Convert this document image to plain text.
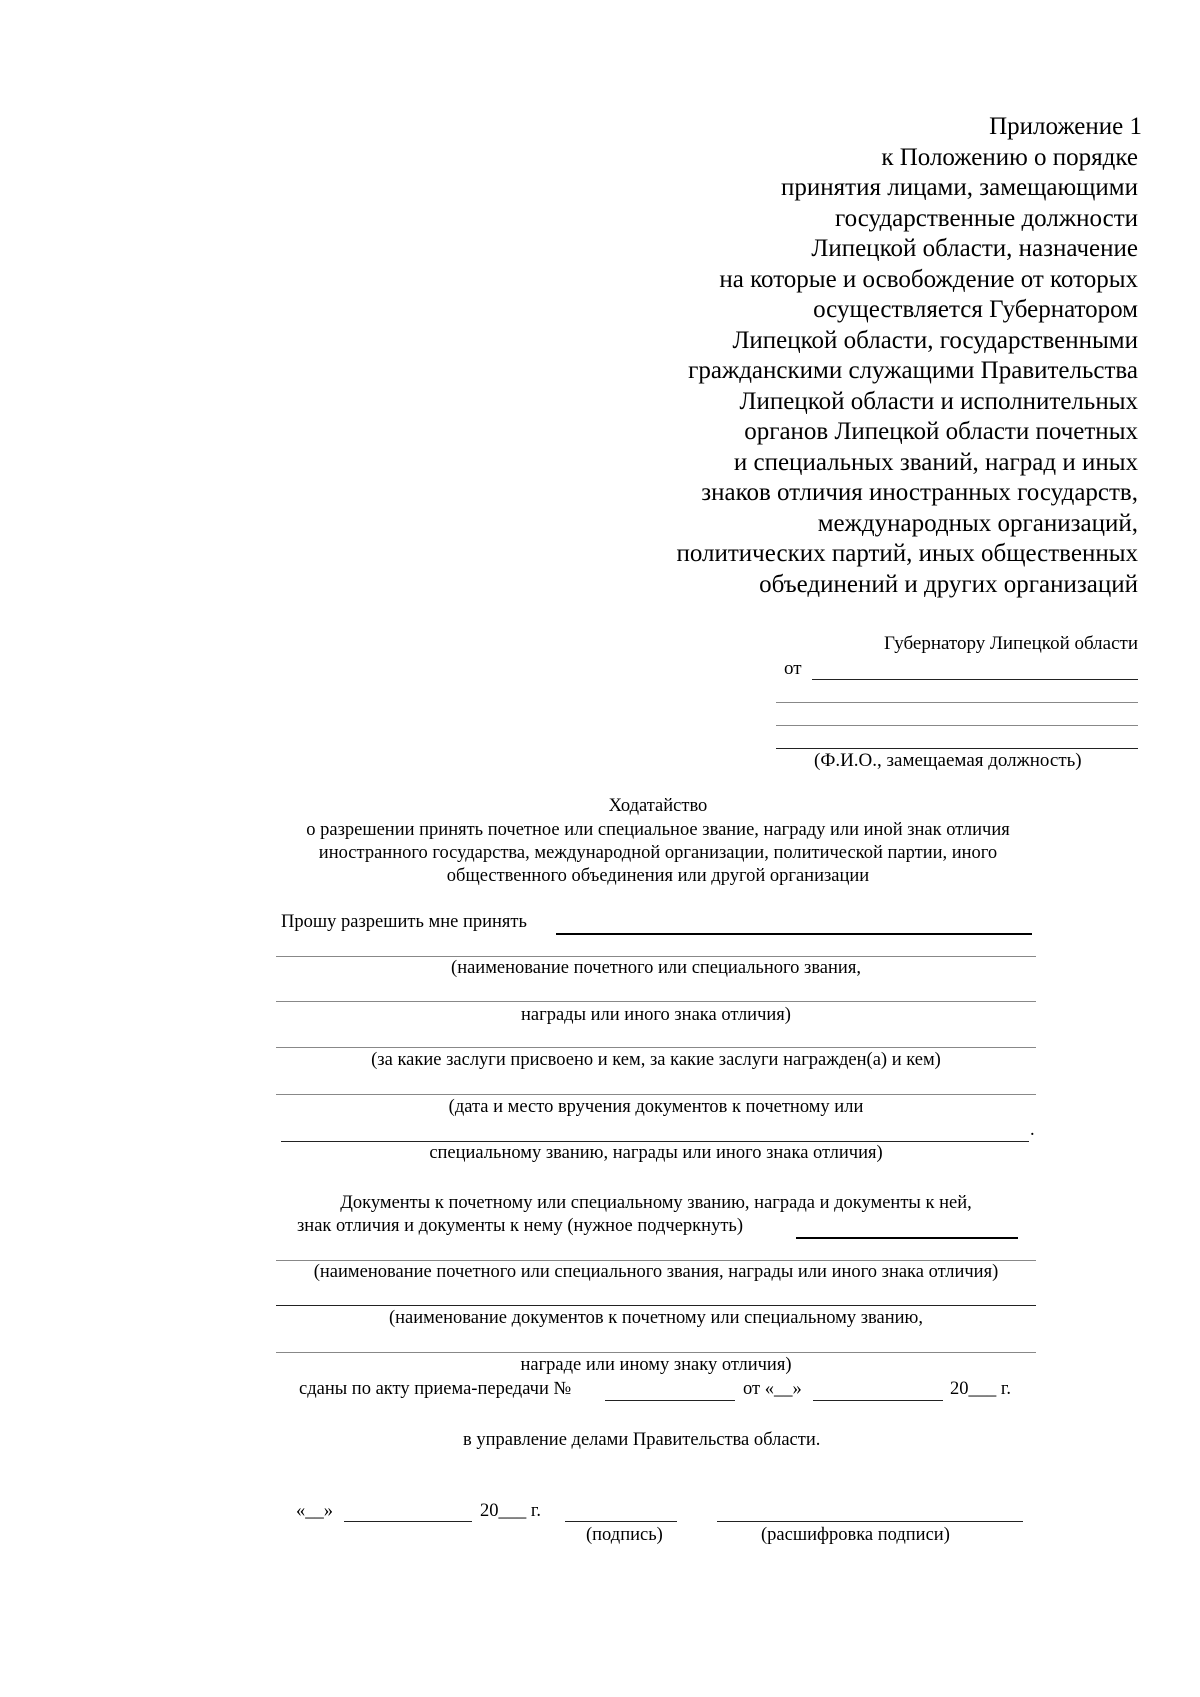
Приложение 1
к Положению о порядке
принятия лицами, замещающими
государственные должности
Липецкой области, назначение
на которые и освобождение от которых
осуществляется Губернатором
Липецкой области, государственными
гражданскими служащими Правительства
Липецкой области и исполнительных
органов Липецкой области почетных
и специальных званий, наград и иных
знаков отличия иностранных государств,
международных организаций,
политических партий, иных общественных
объединений и других организаций
Губернатору Липецкой области
от
(Ф.И.О., замещаемая должность)
Ходатайство
о разрешении принять почетное или специальное звание, награду или иной знак отличия
иностранного государства, международной организации, политической партии, иного
общественного объединения или другой организации
Прошу разрешить мне принять
(наименование почетного или специального звания,
награды или иного знака отличия)
(за какие заслуги присвоено и кем, за какие заслуги награжден(а) и кем)
(дата и место вручения документов к почетному или
.
специальному званию, награды или иного знака отличия)
Документы к почетному или специальному званию, награда и документы к ней,
знак отличия и документы к нему (нужное подчеркнуть)
(наименование почетного или специального звания, награды или иного знака отличия)
(наименование документов к почетному или специальному званию,
награде или иному знаку отличия)
сданы по акту приема-передачи №	от «__»	20___ г.
в управление делами Правительства области.
«__»	20___ г.
(подпись)	(расшифровка подписи)
